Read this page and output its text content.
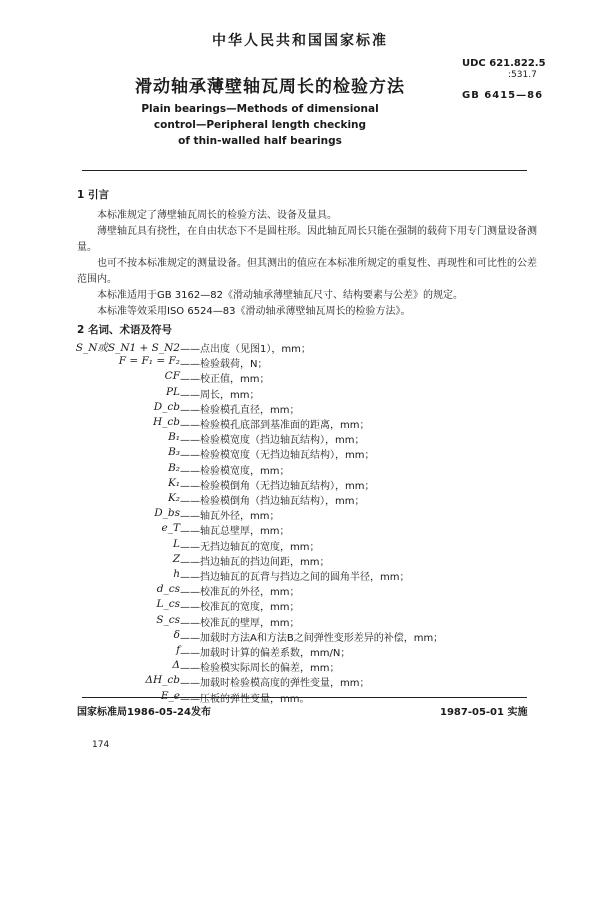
中华人民共和国国家标准
滑动轴承薄壁轴瓦周长的检验方法
UDC 621.822.5
:531.7
GB 6415—86
Plain bearings—Methods of dimensional
control—Peripheral length checking
of thin-walled half bearings
1 引言
本标准规定了薄壁轴瓦周长的检验方法、设备及量具。
薄壁轴瓦具有挠性，在自由状态下不是圆柱形。因此轴瓦周长只能在强制的载荷下用专门测量设备测量。
也可不按本标准规定的测量设备。但其测出的值应在本标准所规定的重复性、再现性和可比性的公差范围内。
本标准适用于GB 3162—82《滑动轴承薄壁轴瓦尺寸、结构要素与公差》的规定。
本标准等效采用ISO 6524—83《滑动轴承薄壁轴瓦周长的检验方法》。
2 名词、术语及符号
S_N或S_N1 + S_N2 ——点出度（见图1），mm；
F = F₁ = F₂ ——检验载荷，N；
CF ——校正值，mm；
PL ——周长，mm；
D_cb ——检验模孔直径，mm；
H_cb ——检验模孔底部到基准面的距离，mm；
B₁ ——检验模宽度（挡边轴瓦结构），mm；
B₃ ——检验模宽度（无挡边轴瓦结构），mm；
B₂ ——检验模宽度，mm；
K₁ ——检验模倒角（无挡边轴瓦结构），mm；
K₂ ——检验模倒角（挡边轴瓦结构），mm；
D_bs ——轴瓦外径，mm；
e_T ——轴瓦总壁厚，mm；
L ——无挡边轴瓦的宽度，mm；
Z ——挡边轴瓦的挡边间距，mm；
h ——挡边轴瓦的瓦背与挡边之间的圆角半径，mm；
d_cs ——校准瓦的外径，mm；
L_cs ——校准瓦的宽度，mm；
S_cs ——校准瓦的壁厚，mm；
δ ——加载时方法A和方法B之间弹性变形差异的补偿，mm；
f ——加载时计算的偏差系数，mm/N；
Δ ——检验模实际周长的偏差，mm；
ΔH_cb ——加载时检验模高度的弹性变量，mm；
E_e ——压板的弹性变量，mm。
国家标准局1986-05-24发布	1987-05-01 实施
174
